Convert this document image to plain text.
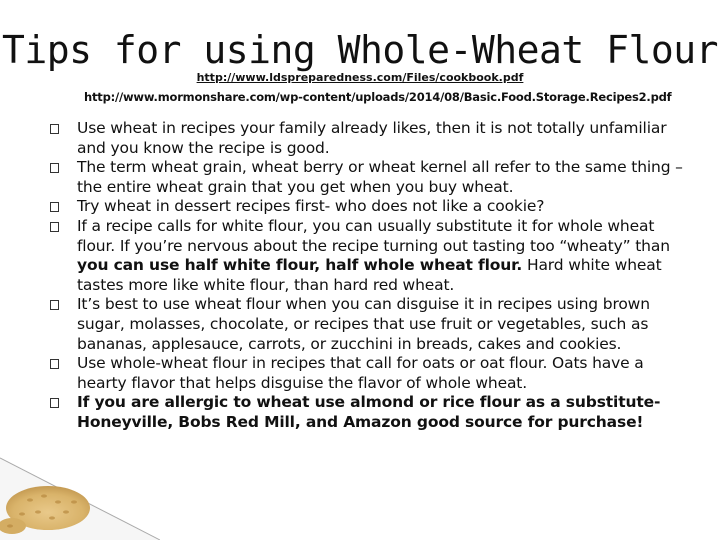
Tips for using Whole-Wheat Flour
http://www.ldspreparedness.com/Files/cookbook.pdf
http://www.mormonshare.com/wp-content/uploads/2014/08/Basic.Food.Storage.Recipes2.pdf
Use wheat in recipes your family already likes, then it is not totally unfamiliar and you know the recipe is good.
The term wheat grain, wheat berry or wheat kernel all refer to the same thing – the entire wheat grain that you get when you buy wheat.
Try wheat in dessert recipes first- who does not like a cookie?
If a recipe calls for white flour, you can usually substitute it for whole wheat flour. If you’re nervous about the recipe turning out tasting too “wheaty” than you can use half white flour, half whole wheat flour. Hard white wheat tastes more like white flour, than hard red wheat.
It’s best to use wheat flour when you can disguise it in recipes using brown sugar, molasses, chocolate, or recipes that use fruit or vegetables, such as bananas, applesauce, carrots, or zucchini in breads, cakes and cookies.
Use whole-wheat flour in recipes that call for oats or oat flour. Oats have a hearty flavor that helps disguise the flavor of whole wheat.
If you are allergic to wheat use almond or rice flour as a substitute-Honeyville, Bobs Red Mill, and Amazon good source for purchase!
